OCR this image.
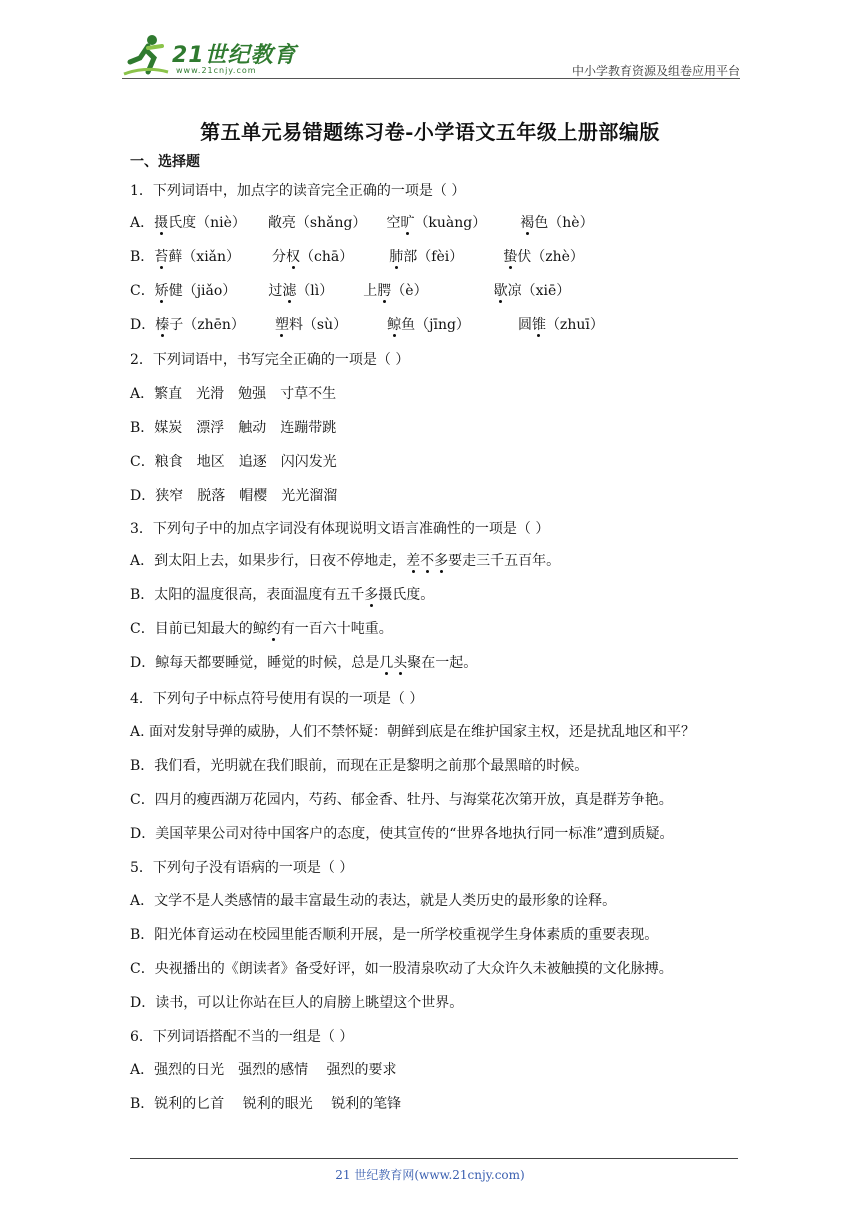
21世纪教育
www.21cnjy.com	中小学教育资源及组卷应用平台
第五单元易错题练习卷-小学语文五年级上册部编版
一、选择题
1．下列词语中，加点字的读音完全正确的一项是（ ）
A．摄氏度（niè） 敞亮（shǎng） 空旷（kuàng） 褐色（hè）
B．苔藓（xiǎn） 分权（chā）	肺部（fèi）	蛰伏（zhè）
C．矫健（jiǎo） 过滤（lì） 上腭（è）	歇凉（xiē）
D．榛子（zhēn） 塑料（sù）	鲸鱼（jīng）	圆锥（zhuī）
2．下列词语中，书写完全正确的一项是（ ）
A．繁直　光滑　勉强　寸草不生
B．媒炭　漂浮　触动　连蹦带跳
C．粮食　地区　追逐　闪闪发光
D．狭窄　脱落　帽樱　光光溜溜
3．下列句子中的加点字词没有体现说明文语言准确性的一项是（ ）
A．到太阳上去，如果步行，日夜不停地走，差不多要走三千五百年。
B．太阳的温度很高，表面温度有五千多摄氏度。
C．目前已知最大的鲸约有一百六十吨重。
D．鲸每天都要睡觉，睡觉的时候，总是几头聚在一起。
4．下列句子中标点符号使用有误的一项是（ ）
A. 面对发射导弹的威胁，人们不禁怀疑：朝鲜到底是在维护国家主权，还是扰乱地区和平？
B．我们看，光明就在我们眼前，而现在正是黎明之前那个最黑暗的时候。
C．四月的瘦西湖万花园内，芍药、郁金香、牡丹、与海棠花次第开放，真是群芳争艳。
D．美国苹果公司对待中国客户的态度，使其宣传的“世界各地执行同一标准”遭到质疑。
5．下列句子没有语病的一项是（ ）
A．文学不是人类感情的最丰富最生动的表达，就是人类历史的最形象的诠释。
B．阳光体育运动在校园里能否顺利开展，是一所学校重视学生身体素质的重要表现。
C．央视播出的《朗读者》备受好评，如一股清泉吹动了大众许久未被触摸的文化脉搏。
D．读书，可以让你站在巨人的肩膀上眺望这个世界。
6．下列词语搭配不当的一组是（ ）
A．强烈的日光　强烈的感情　 强烈的要求
B．锐利的匕首　 锐利的眼光　 锐利的笔锋
21 世纪教育网(www.21cnjy.com)
